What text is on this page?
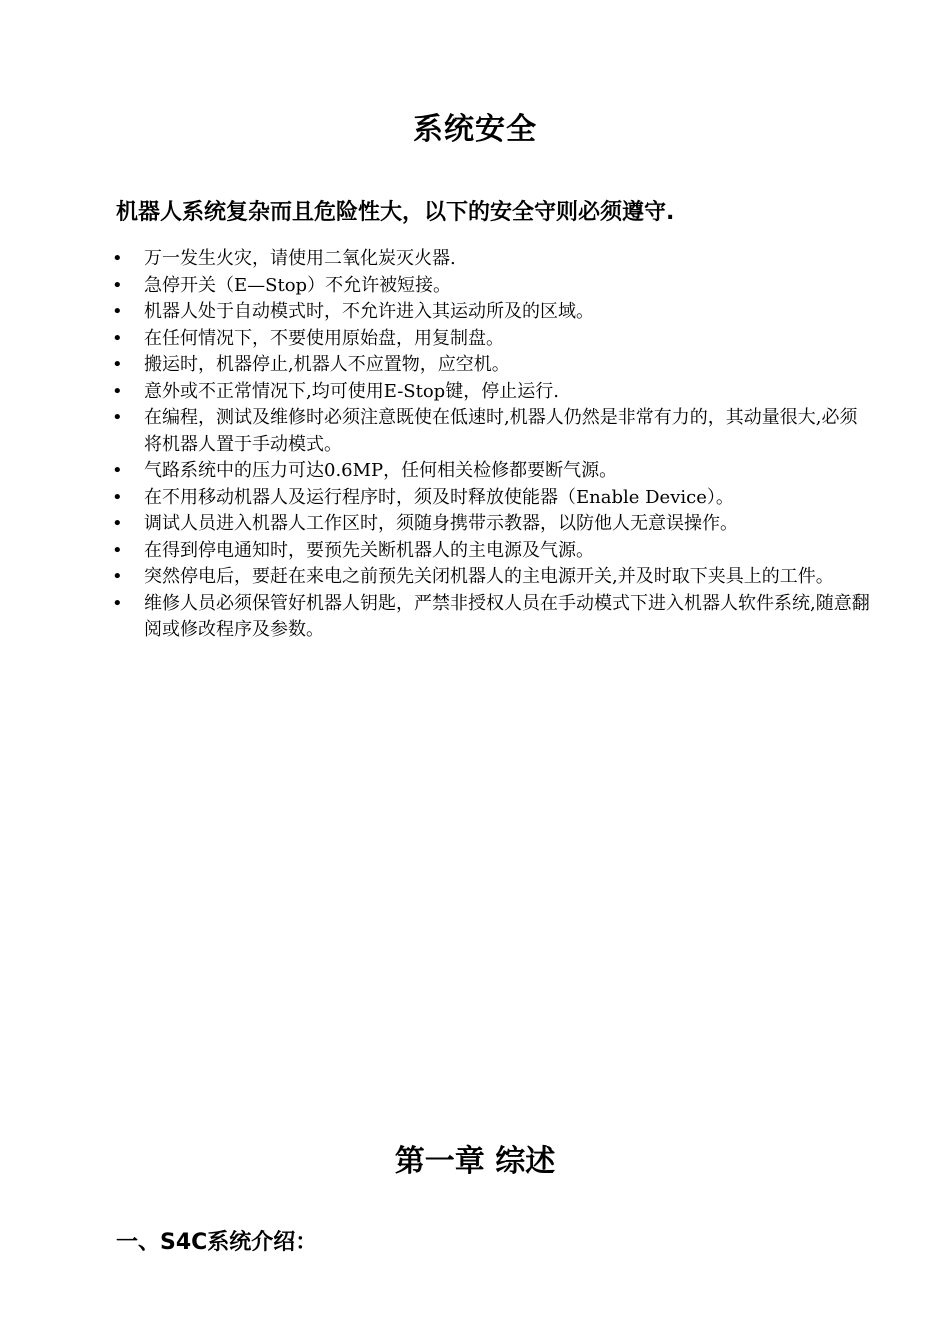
系统安全

机器人系统复杂而且危险性大，以下的安全守则必须遵守.

• 万一发生火灾，请使用二氧化炭灭火器.
• 急停开关（E—Stop）不允许被短接。
• 机器人处于自动模式时，不允许进入其运动所及的区域。
• 在任何情况下，不要使用原始盘，用复制盘。
• 搬运时，机器停止,机器人不应置物，应空机。
• 意外或不正常情况下,均可使用E-Stop键，停止运行.
• 在编程，测试及维修时必须注意既使在低速时,机器人仍然是非常有力的，其动量很大,必须将机器人置于手动模式。
• 气路系统中的压力可达0.6MP，任何相关检修都要断气源。
• 在不用移动机器人及运行程序时，须及时释放使能器（Enable Device）。
• 调试人员进入机器人工作区时，须随身携带示教器，以防他人无意误操作。
• 在得到停电通知时，要预先关断机器人的主电源及气源。
• 突然停电后，要赶在来电之前预先关闭机器人的主电源开关,并及时取下夹具上的工件。
• 维修人员必须保管好机器人钥匙，严禁非授权人员在手动模式下进入机器人软件系统,随意翻阅或修改程序及参数。
第一章 综述
一、S4C系统介绍：
